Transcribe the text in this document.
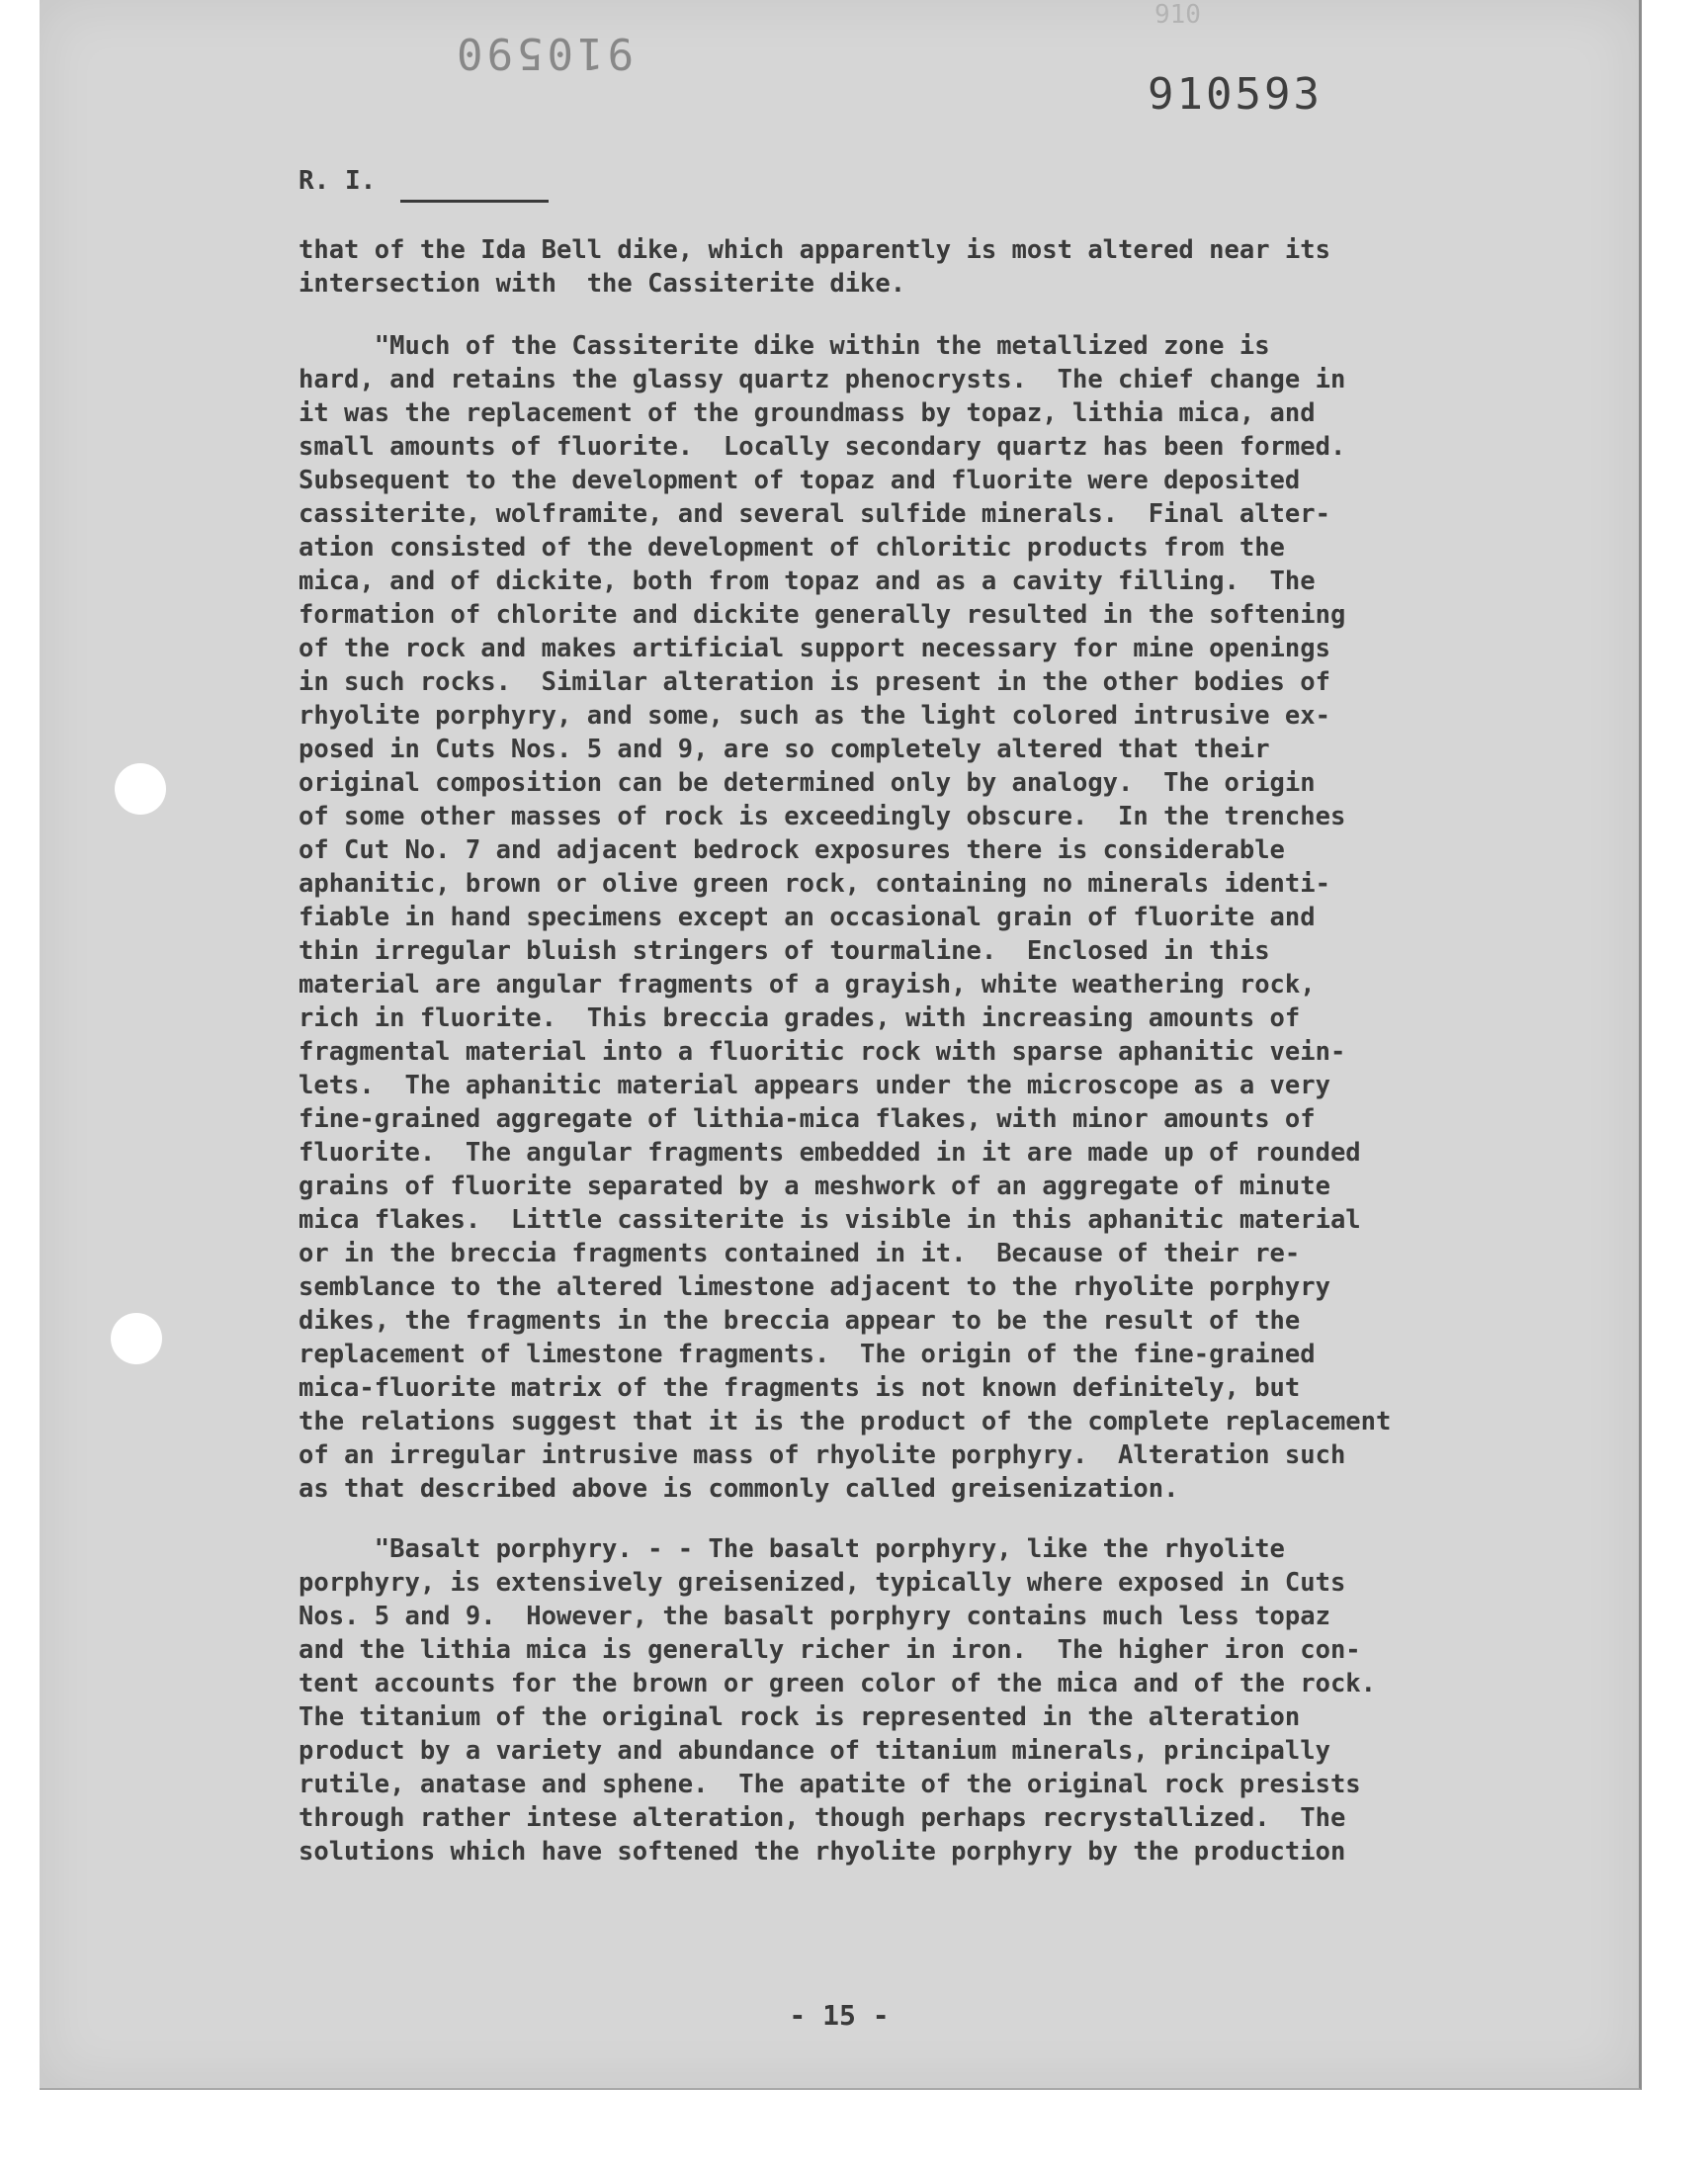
910590
910
910593
R. I.
that of the Ida Bell dike, which apparently is most altered near its
intersection with  the Cassiterite dike.
"Much of the Cassiterite dike within the metallized zone is
hard, and retains the glassy quartz phenocrysts.  The chief change in
it was the replacement of the groundmass by topaz, lithia mica, and
small amounts of fluorite.  Locally secondary quartz has been formed.
Subsequent to the development of topaz and fluorite were deposited
cassiterite, wolframite, and several sulfide minerals.  Final alter-
ation consisted of the development of chloritic products from the
mica, and of dickite, both from topaz and as a cavity filling.  The
formation of chlorite and dickite generally resulted in the softening
of the rock and makes artificial support necessary for mine openings
in such rocks.  Similar alteration is present in the other bodies of
rhyolite porphyry, and some, such as the light colored intrusive ex-
posed in Cuts Nos. 5 and 9, are so completely altered that their
original composition can be determined only by analogy.  The origin
of some other masses of rock is exceedingly obscure.  In the trenches
of Cut No. 7 and adjacent bedrock exposures there is considerable
aphanitic, brown or olive green rock, containing no minerals identi-
fiable in hand specimens except an occasional grain of fluorite and
thin irregular bluish stringers of tourmaline.  Enclosed in this
material are angular fragments of a grayish, white weathering rock,
rich in fluorite.  This breccia grades, with increasing amounts of
fragmental material into a fluoritic rock with sparse aphanitic vein-
lets.  The aphanitic material appears under the microscope as a very
fine-grained aggregate of lithia-mica flakes, with minor amounts of
fluorite.  The angular fragments embedded in it are made up of rounded
grains of fluorite separated by a meshwork of an aggregate of minute
mica flakes.  Little cassiterite is visible in this aphanitic material
or in the breccia fragments contained in it.  Because of their re-
semblance to the altered limestone adjacent to the rhyolite porphyry
dikes, the fragments in the breccia appear to be the result of the
replacement of limestone fragments.  The origin of the fine-grained
mica-fluorite matrix of the fragments is not known definitely, but
the relations suggest that it is the product of the complete replacement
of an irregular intrusive mass of rhyolite porphyry.  Alteration such
as that described above is commonly called greisenization.
"Basalt porphyry. - - The basalt porphyry, like the rhyolite
porphyry, is extensively greisenized, typically where exposed in Cuts
Nos. 5 and 9.  However, the basalt porphyry contains much less topaz
and the lithia mica is generally richer in iron.  The higher iron con-
tent accounts for the brown or green color of the mica and of the rock.
The titanium of the original rock is represented in the alteration
product by a variety and abundance of titanium minerals, principally
rutile, anatase and sphene.  The apatite of the original rock presists
through rather intese alteration, though perhaps recrystallized.  The
solutions which have softened the rhyolite porphyry by the production
- 15 -
